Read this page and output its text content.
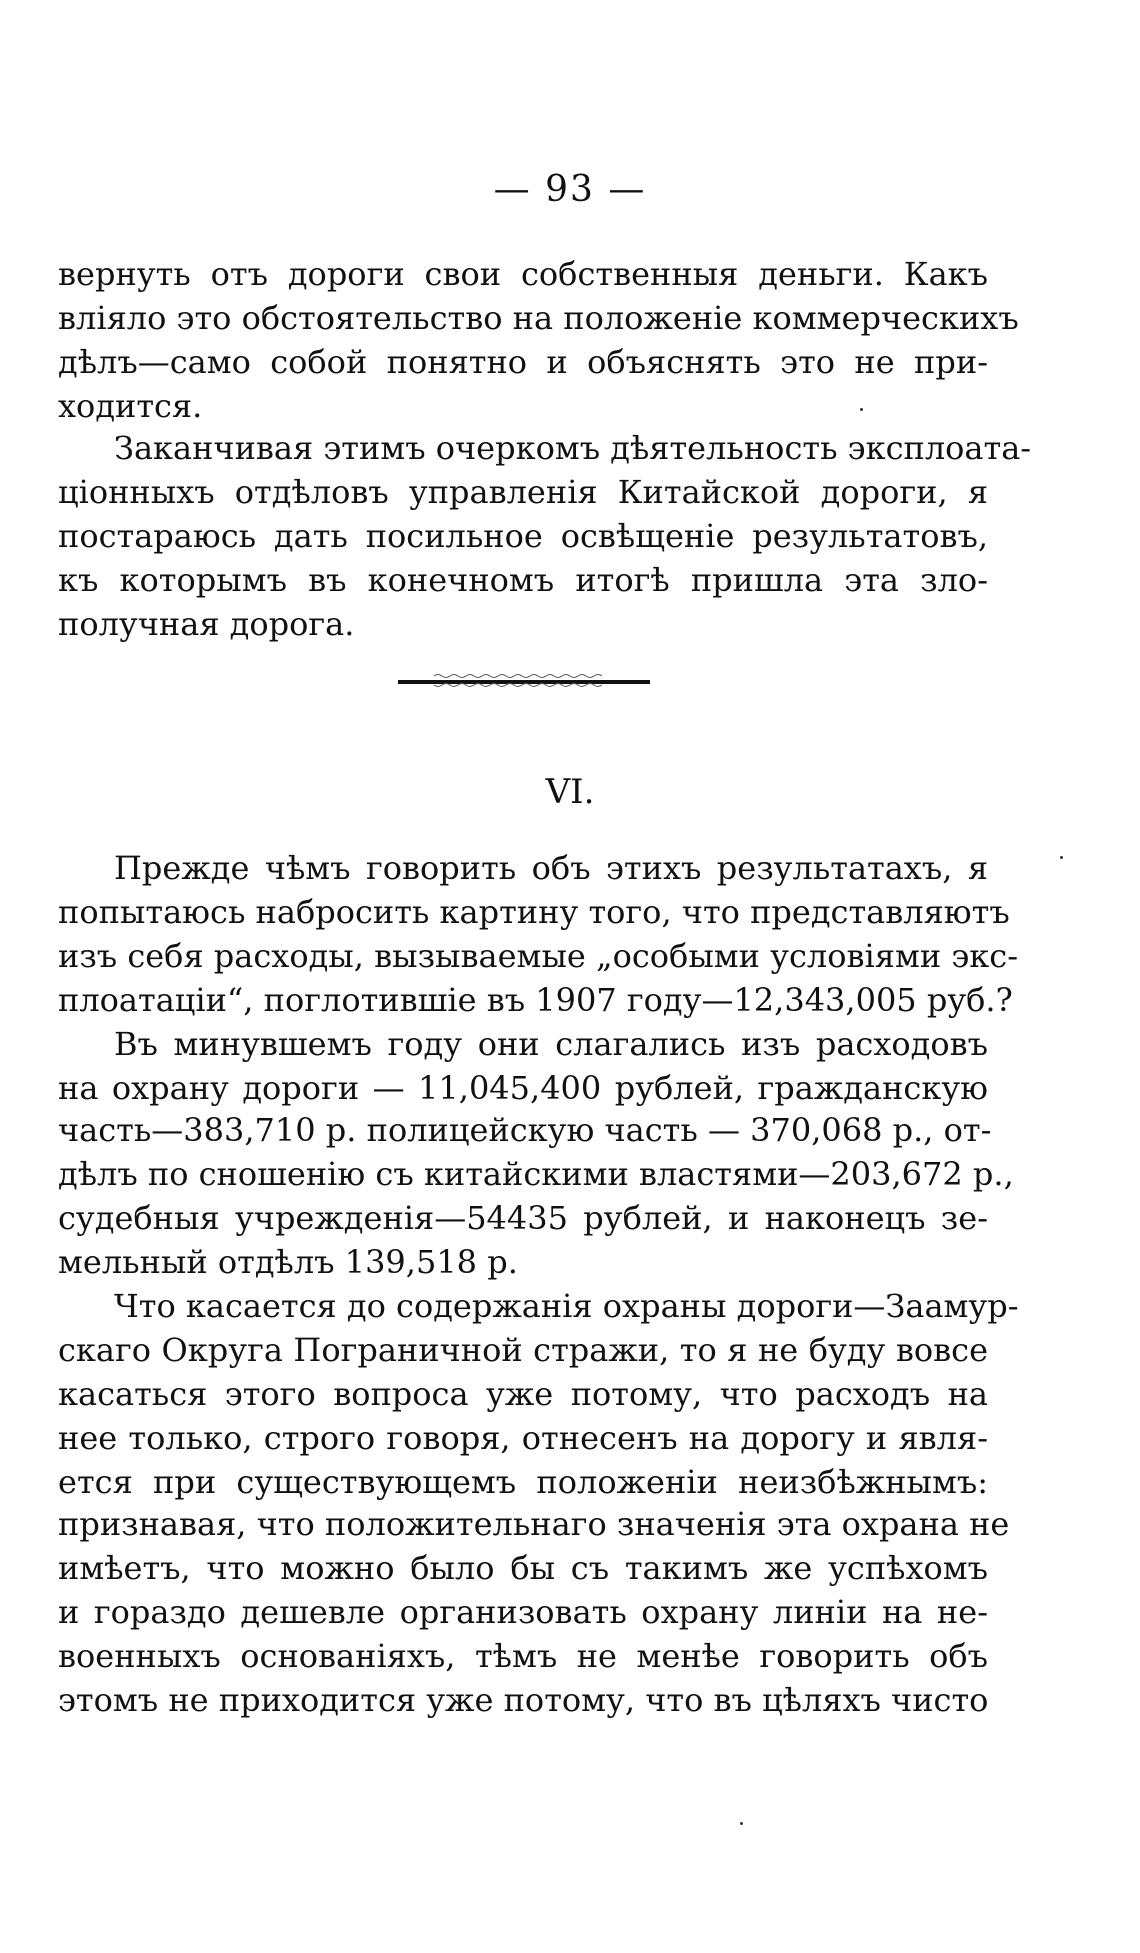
— 93 —
вернуть отъ дороги свои собственныя деньги. Какъ
вліяло это обстоятельство на положеніе коммерческихъ
дѣлъ—само собой понятно и объяснять это не при-
ходится.
Заканчивая этимъ очеркомъ дѣятельность эксплоата-
ціонныхъ отдѣловъ управленія Китайской дороги, я
постараюсь дать посильное освѣщеніе результатовъ,
къ которымъ въ конечномъ итогѣ пришла эта зло-
получная дорога.
VI.
Прежде чѣмъ говорить объ этихъ результатахъ, я
попытаюсь набросить картину того, что представляютъ
изъ себя расходы, вызываемые „особыми условіями экс-
плоатаціи“, поглотившіе въ 1907 году—12,343,005 руб.?
Въ минувшемъ году они слагались изъ расходовъ
на охрану дороги — 11,045,400 рублей, гражданскую
часть—383,710 р. полицейскую часть — 370,068 р., от-
дѣлъ по сношенію съ китайскими властями—203,672 р.,
судебныя учрежденія—54435 рублей, и наконецъ зе-
мельный отдѣлъ 139,518 р.
Что касается до содержанія охраны дороги—Заамур-
скаго Округа Пограничной стражи, то я не буду вовсе
касаться этого вопроса уже потому, что расходъ на
нее только, строго говоря, отнесенъ на дорогу и явля-
ется при существующемъ положеніи неизбѣжнымъ:
признавая, что положительнаго значенія эта охрана не
имѣетъ, что можно было бы съ такимъ же успѣхомъ
и гораздо дешевле организовать охрану линіи на не-
военныхъ основаніяхъ, тѣмъ не менѣе говорить объ
этомъ не приходится уже потому, что въ цѣляхъ чисто
